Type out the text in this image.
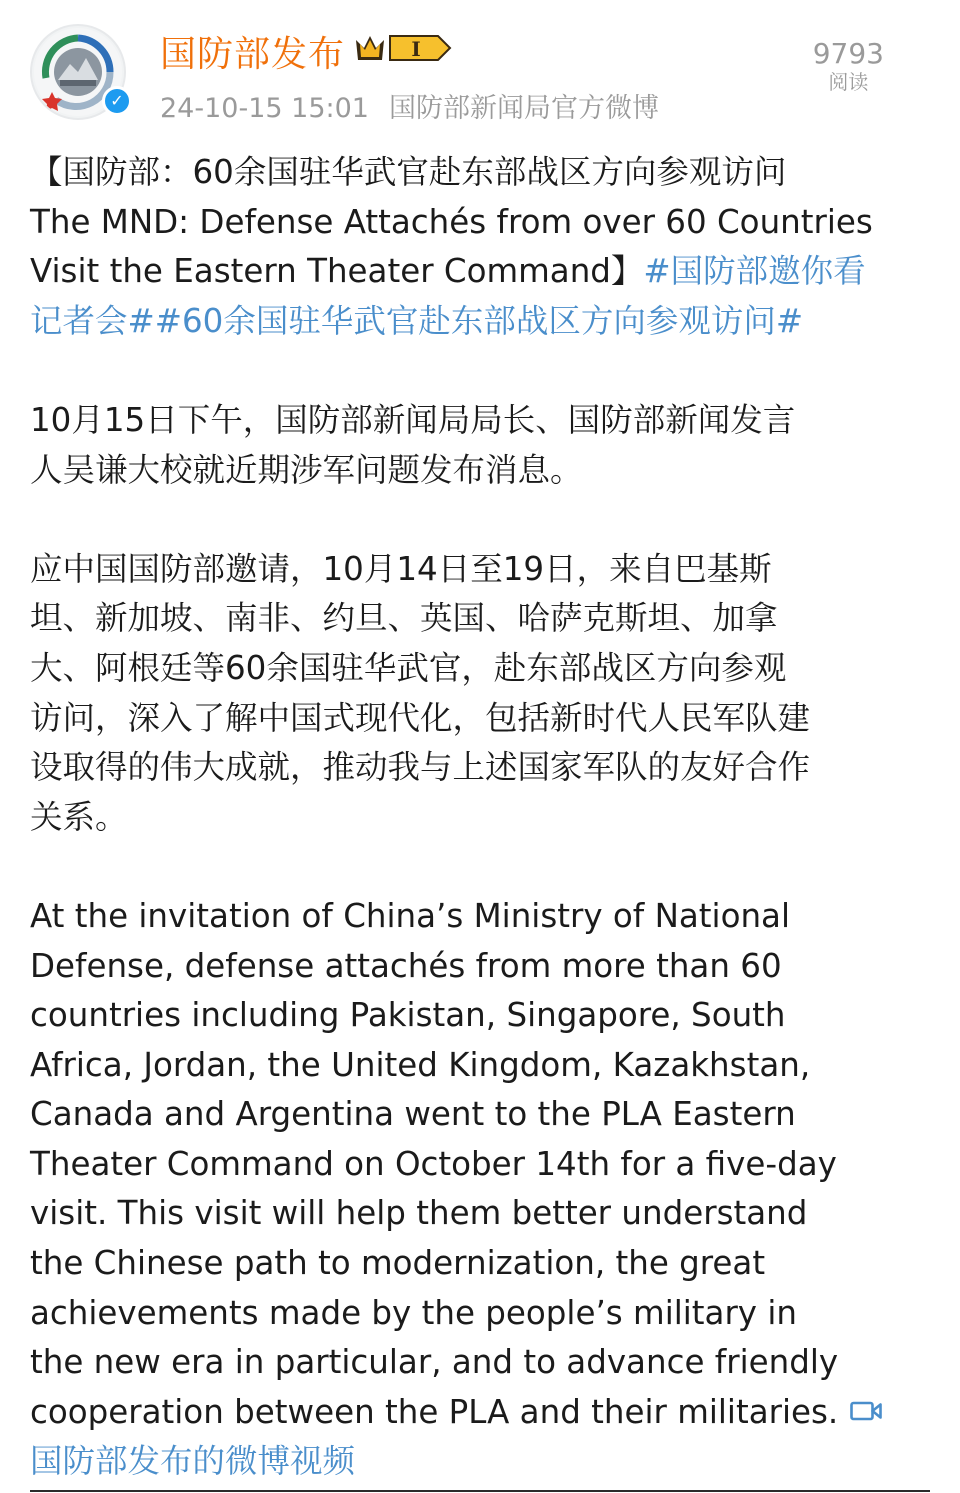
✓
国防部发布	I
24-10-15 15:01 国防部新闻局官方微博
9793
阅读
【国防部：60余国驻华武官赴东部战区方向参观访问
The MND: Defense Attachés from over 60 Countries
Visit the Eastern Theater Command】#国防部邀你看
记者会##60余国驻华武官赴东部战区方向参观访问#
10月15日下午，国防部新闻局局长、国防部新闻发言
人吴谦大校就近期涉军问题发布消息。
应中国国防部邀请，10月14日至19日，来自巴基斯
坦、新加坡、南非、约旦、英国、哈萨克斯坦、加拿
大、阿根廷等60余国驻华武官，赴东部战区方向参观
访问，深入了解中国式现代化，包括新时代人民军队建
设取得的伟大成就，推动我与上述国家军队的友好合作
关系。
At the invitation of China’s Ministry of National
Defense, defense attachés from more than 60
countries including Pakistan, Singapore, South
Africa, Jordan, the United Kingdom, Kazakhstan,
Canada and Argentina went to the PLA Eastern
Theater Command on October 14th for a five-day
visit. This visit will help them better understand
the Chinese path to modernization, the great
achievements made by the people’s military in
the new era in particular, and to advance friendly
cooperation between the PLA and their militaries.
国防部发布的微博视频
